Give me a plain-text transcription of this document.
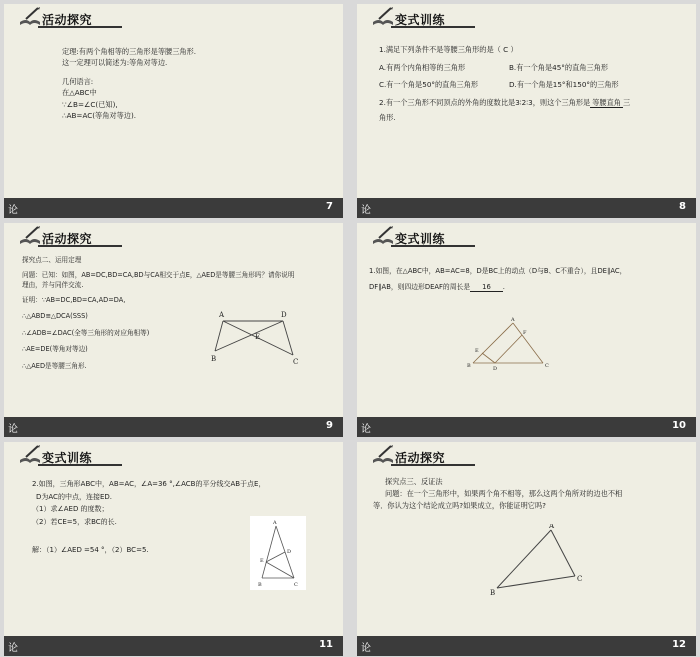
活动探究

定理:有两个角相等的三角形是等腰三角形.

这一定理可以简述为:等角对等边.

几何语言:

在△ABC中

∵∠B=∠C(已知),

∴AB=AC(等角对等边).

论	7
变式训练

1.满足下列条件不是等腰三角形的是（ C ）

A.有两个内角相等的三角形	B.有一个角是45°的直角三角形

C.有一个角是50°的直角三角形	D.有一个角是15°和150°的三角形

2.有一个三角形不同顶点的外角的度数比是3∶2∶3，则这个三角形是 等腰直角 三

角形.

论	8
活动探究

探究点二、运用定理

问题：已知：如图，AB=DC,BD=CA,BD与CA相交于点E，△AED是等腰三角形吗？请你说明

理由，并与同伴交流.

证明：∵AB=DC,BD=CA,AD=DA,

∴△ABD≌△DCA(SSS)

∴∠ADB=∠DAC(全等三角形的对应角相等)

∴AE=DE(等角对等边)

∴△AED是等腰三角形.

A	D
E
B	C
论	9
变式训练

1.如图，在△ABC中，AB=AC=8，D是BC上的动点（D与B、C不重合），且DE∥AC，

DF∥AB，则四边形DEAF的周长是 16 .

A
F
E
B	D	C
论	10
变式训练

2.如图，三角形ABC中，AB=AC，∠A=36 °,∠ACB的平分线交AB于点E，

D为AC的中点，连接ED.

（1）求∠AED 的度数；

（2）若CE=5，求BC的长.

解：（1）∠AED =54 °，（2）BC=5.

A
E
D
B	C
论	11
活动探究

探究点三、反证法

问题：在一个三角形中，如果两个角不相等，那么这两个角所对的边也不相

等．你认为这个结论成立吗?如果成立，你能证明它吗?

A
B
C
论	12
